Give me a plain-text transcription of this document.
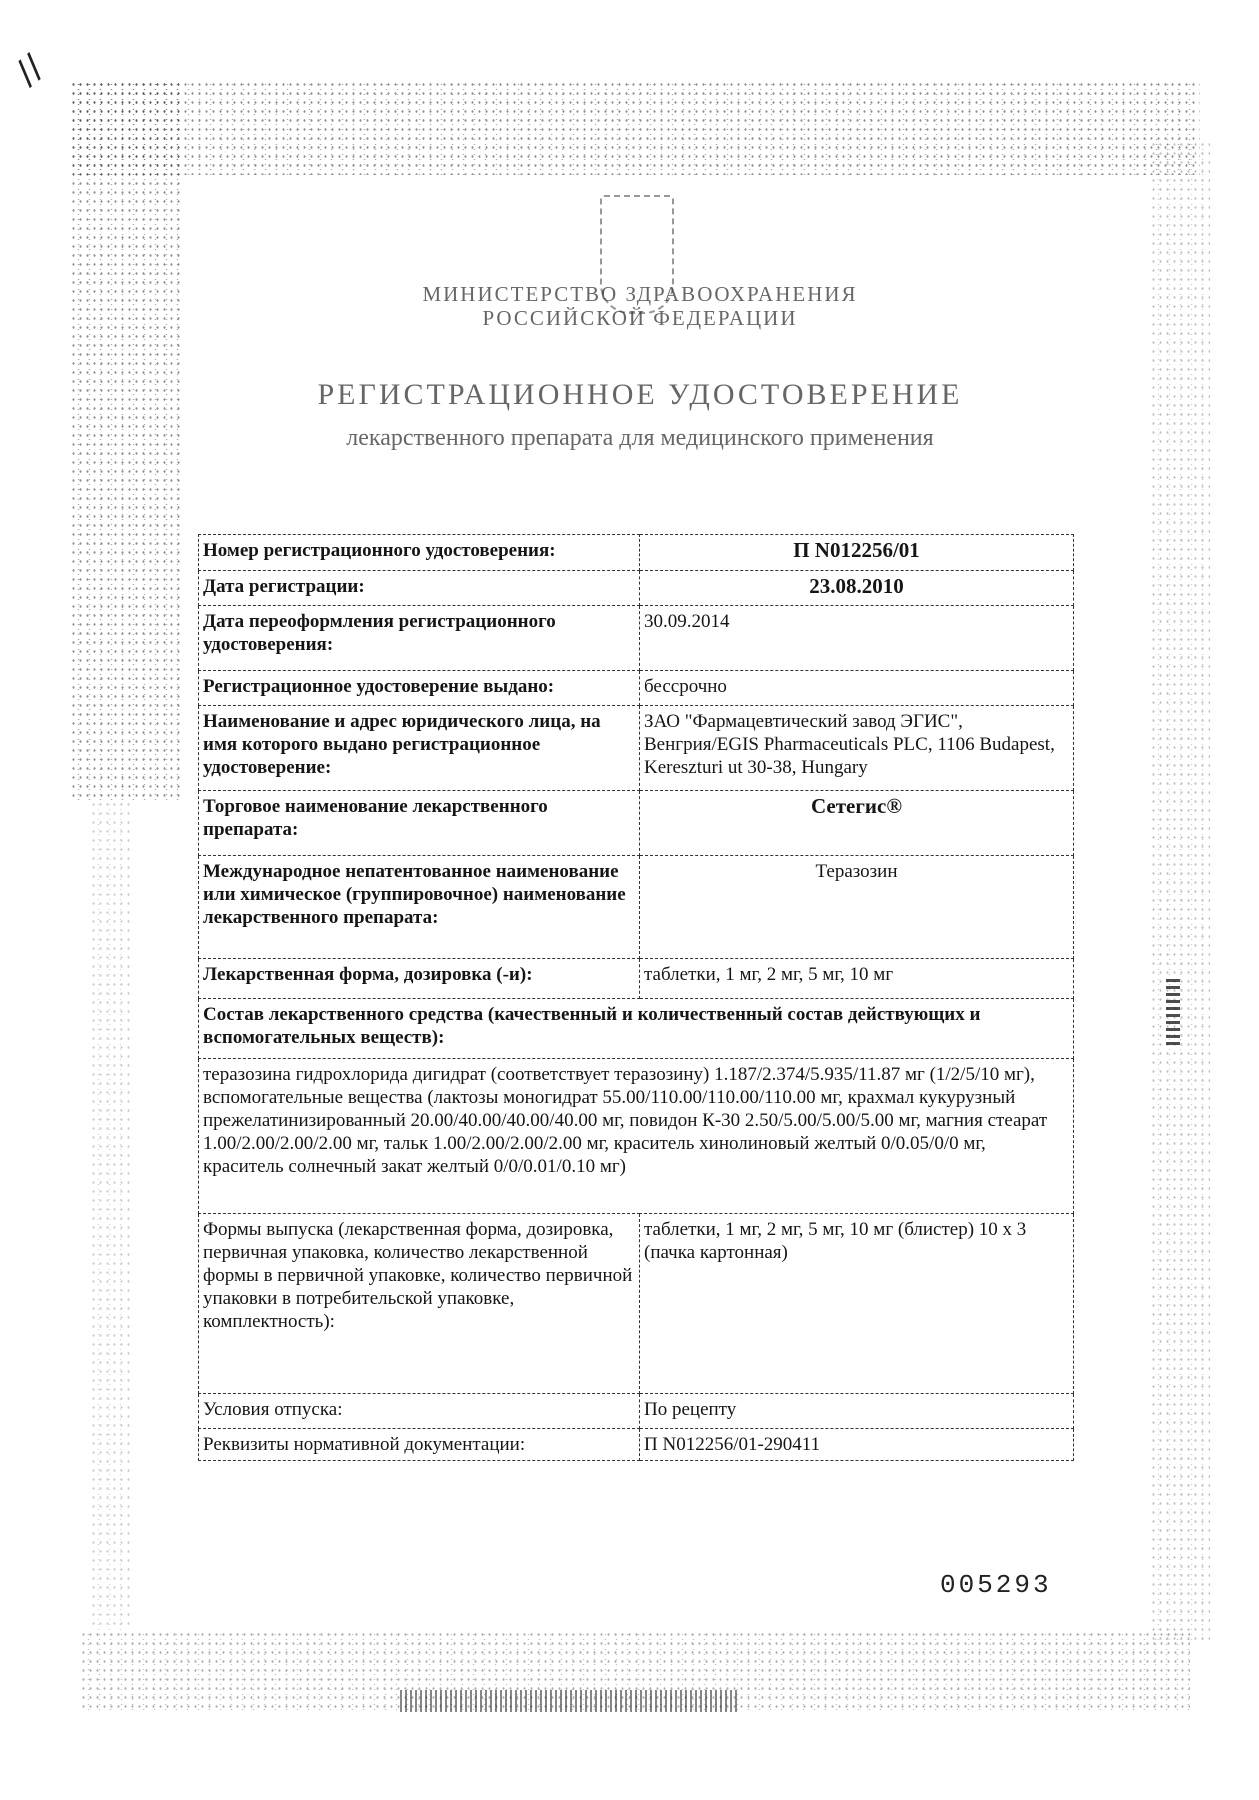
//
МИНИСТЕРСТВО ЗДРАВООХРАНЕНИЯ
РОССИЙСКОЙ ФЕДЕРАЦИИ
РЕГИСТРАЦИОННОЕ УДОСТОВЕРЕНИЕ
лекарственного препарата для медицинского применения
Номер регистрационного удостоверения:	П N012256/01
Дата регистрации:	23.08.2010
Дата переоформления регистрационного удостоверения:	30.09.2014
Регистрационное удостоверение выдано:	бессрочно
Наименование и адрес юридического лица, на имя которого выдано регистрационное удостоверение:	ЗАО "Фармацевтический завод ЭГИС", Венгрия/EGIS Pharmaceuticals PLC, 1106 Budapest, Kereszturi ut 30-38, Hungary
Торговое наименование лекарственного препарата:	Сетегис®
Международное непатентованное наименование или химическое (группировочное) наименование лекарственного препарата:	Теразозин
Лекарственная форма, дозировка (-и):	таблетки, 1 мг, 2 мг, 5 мг, 10 мг
Состав лекарственного средства (качественный и количественный состав действующих и вспомогательных веществ):	
теразозина гидрохлорида дигидрат (соответствует теразозину) 1.187/2.374/5.935/11.87 мг (1/2/5/10 мг), вспомогательные вещества (лактозы моногидрат 55.00/110.00/110.00/110.00 мг, крахмал кукурузный прежелатинизированный 20.00/40.00/40.00/40.00 мг, повидон К-30 2.50/5.00/5.00/5.00 мг, магния стеарат 1.00/2.00/2.00/2.00 мг, тальк 1.00/2.00/2.00/2.00 мг, краситель хинолиновый желтый 0/0.05/0/0 мг, краситель солнечный закат желтый 0/0/0.01/0.10 мг)	
Формы выпуска (лекарственная форма, дозировка, первичная упаковка, количество лекарственной формы в первичной упаковке, количество первичной упаковки в потребительской упаковке, комплектность):	таблетки, 1 мг, 2 мг, 5 мг, 10 мг (блистер) 10 x 3 (пачка картонная)
Условия отпуска:	По рецепту
Реквизиты нормативной документации:	П N012256/01-290411
005293
